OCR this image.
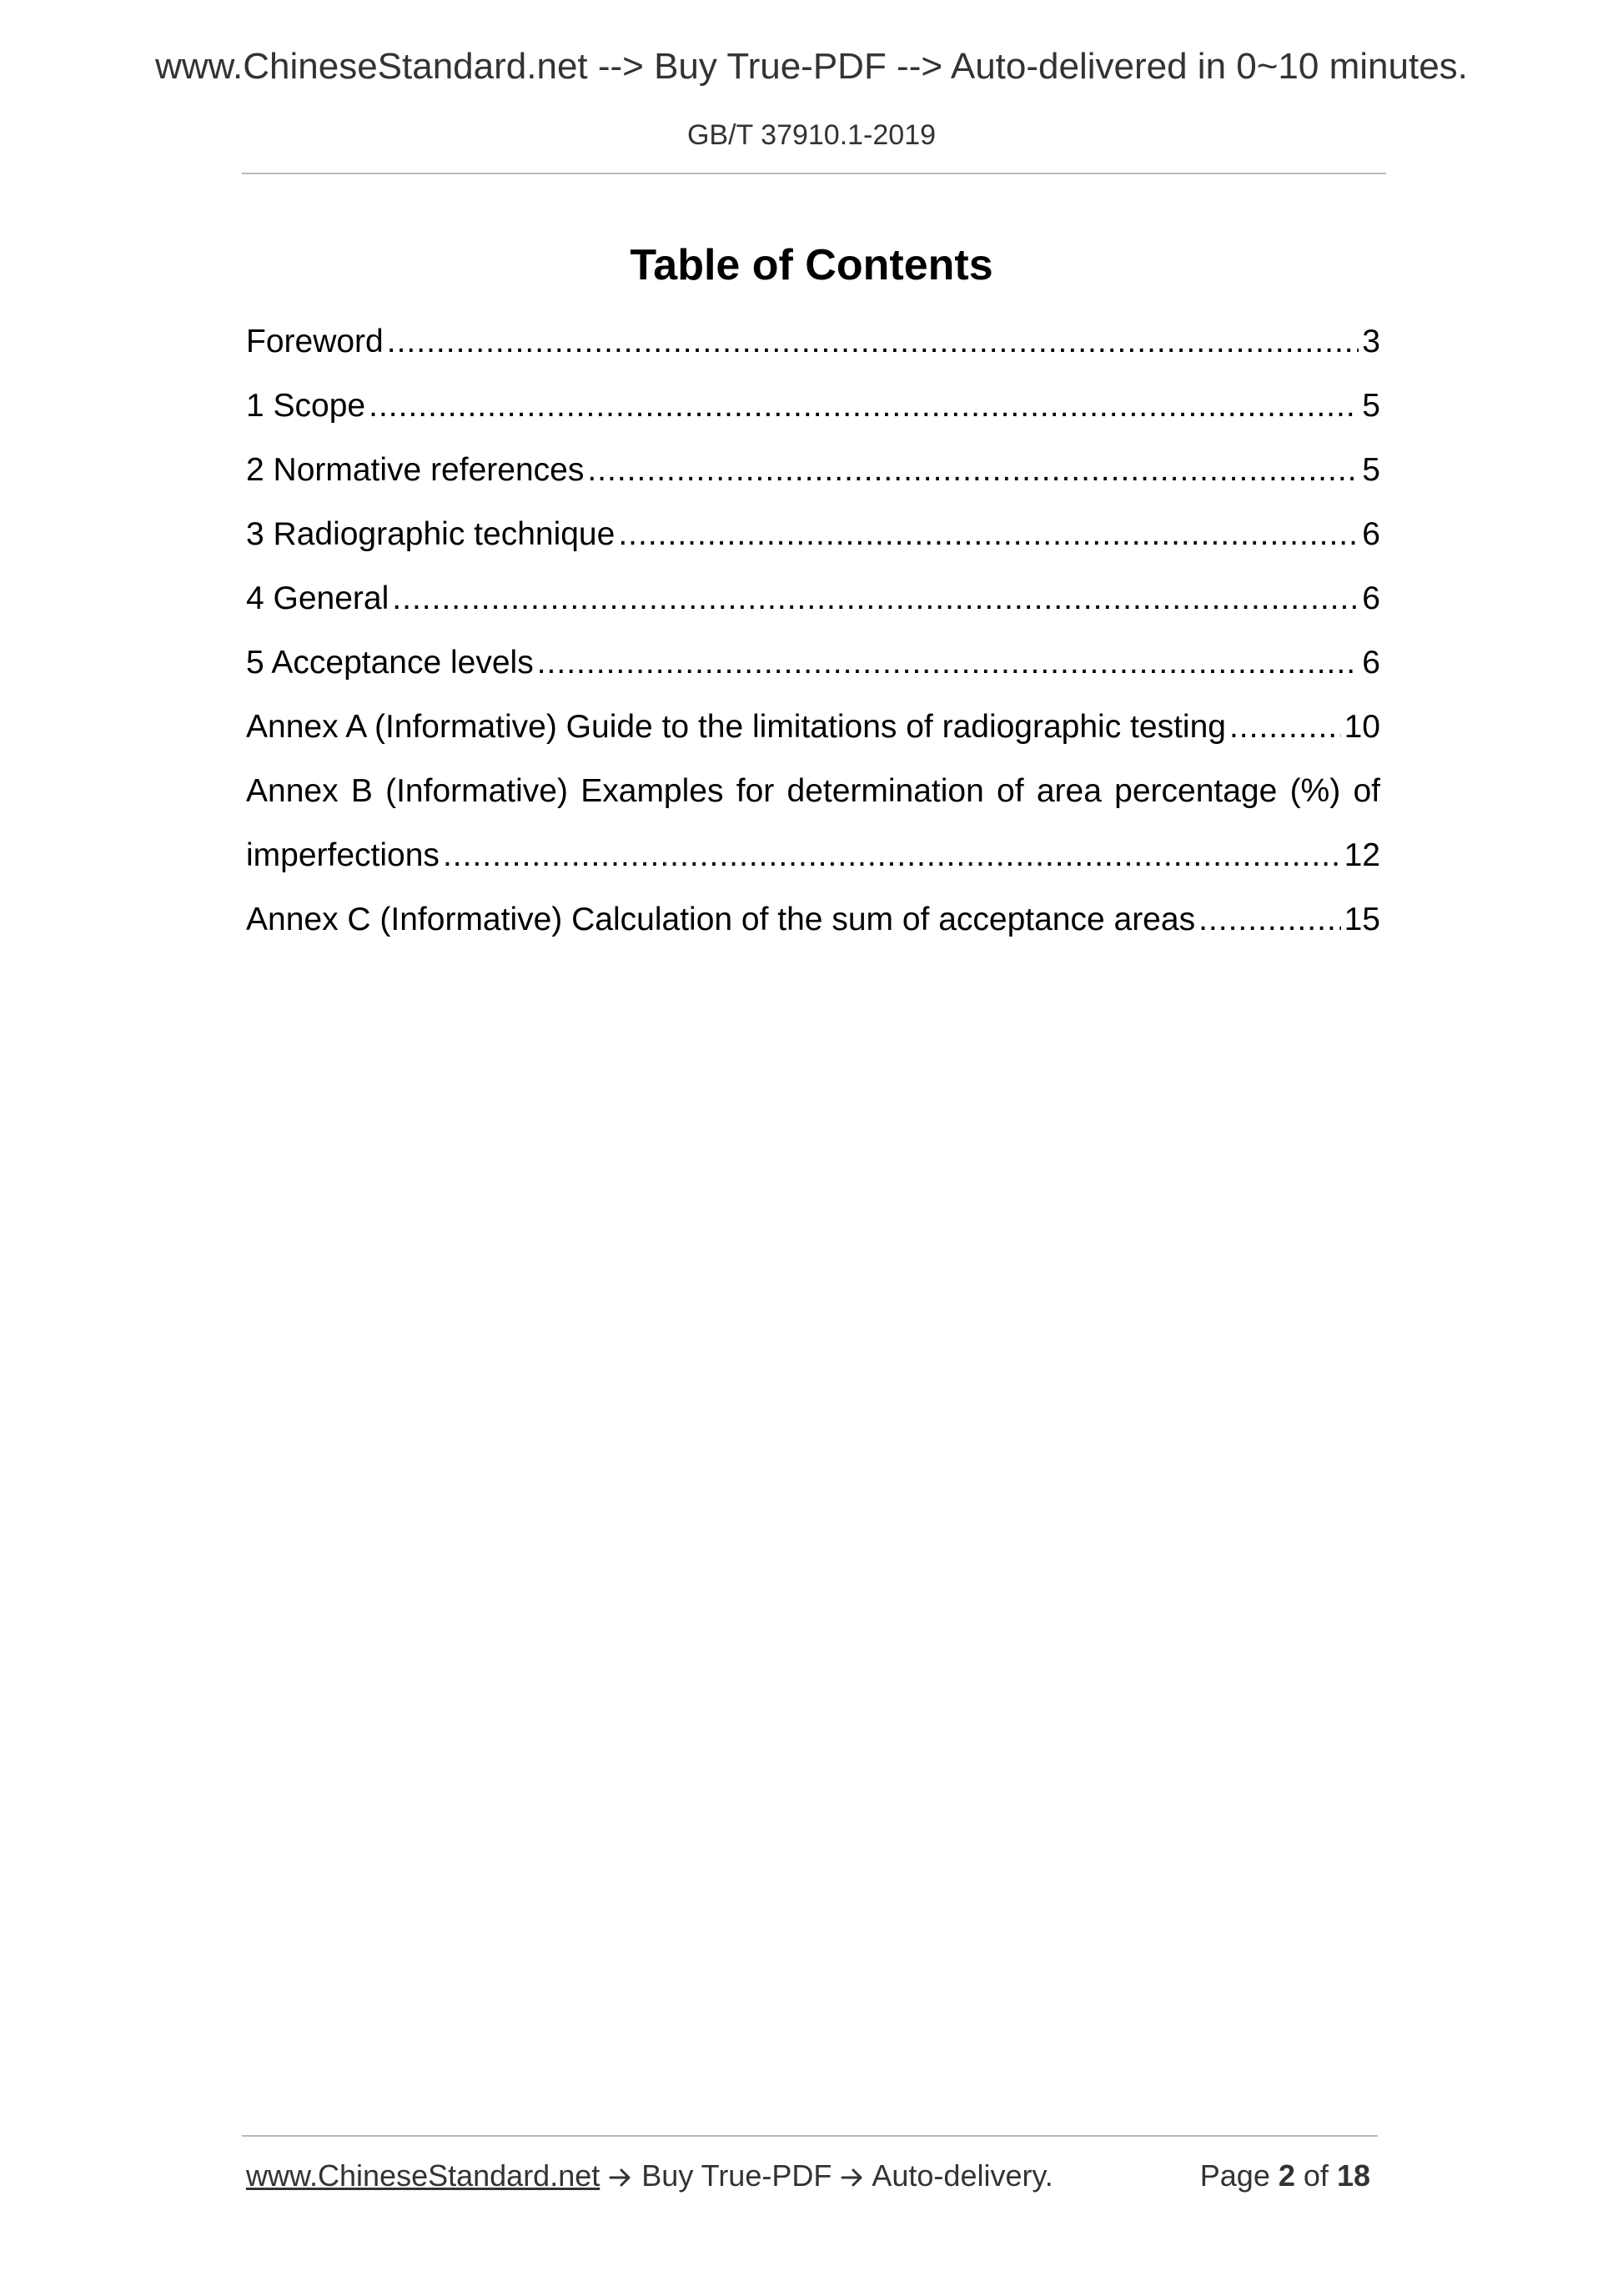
www.ChineseStandard.net --> Buy True-PDF --> Auto-delivered in 0~10 minutes.
GB/T 37910.1-2019
Table of Contents
Foreword .....	3
1 Scope .....	5
2 Normative references .....	5
3 Radiographic technique .....	6
4 General .....	6
5 Acceptance levels .....	6
Annex A (Informative) Guide to the limitations of radiographic testing .....	10
Annex B (Informative) Examples for determination of area percentage (%) of
imperfections .....	12
Annex C (Informative) Calculation of the sum of acceptance areas .....	15
www.ChineseStandard.net Buy True-PDF Auto-delivery.	Page 2 of 18
